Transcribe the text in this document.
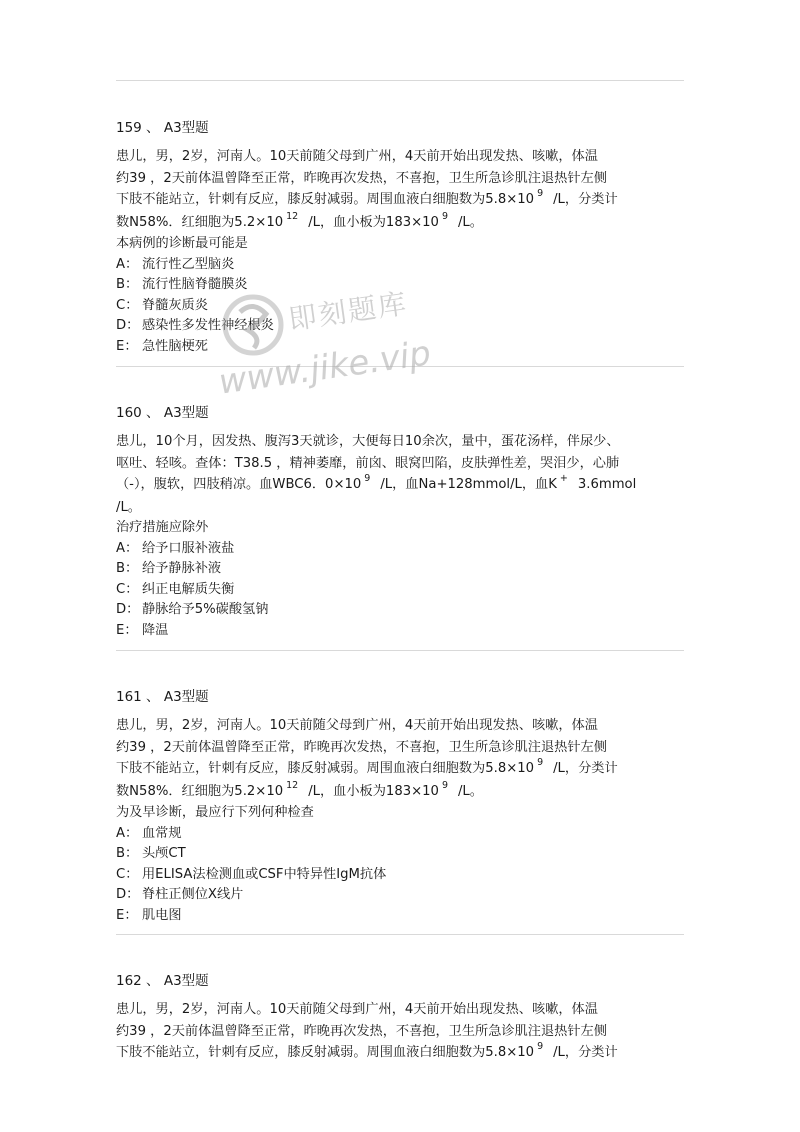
159 、 A3型题

患儿，男，2岁，河南人。10天前随父母到广州，4天前开始出现发热、咳嗽，体温
约39 ，2天前体温曾降至正常，昨晚再次发热，不喜抱，卫生所急诊肌注退热针左侧
下肢不能站立，针刺有反应，膝反射减弱。周围血液白细胞数为5.8×10 $^9$ /L，分类计
数N58%．红细胞为5.2×10 $^{12}$ /L，血小板为183×10 $^9$ /L。

本病例的诊断最可能是

A： 流行性乙型脑炎

B： 流行性脑脊髓膜炎

C： 脊髓灰质炎

D： 感染性多发性神经根炎

E： 急性脑梗死

160 、 A3型题

患儿，10个月，因发热、腹泻3天就诊，大便每日10余次，量中，蛋花汤样，伴尿少、
呕吐、轻咳。查体：T38.5 ，精神萎靡，前囟、眼窝凹陷，皮肤弹性差，哭泪少，心肺
（-），腹软，四肢稍凉。血WBC6．0×10 $^9$ /L，血Na+128mmol/L，血K + 3.6mmol
/L。

治疗措施应除外

A： 给予口服补液盐

B： 给予静脉补液

C： 纠正电解质失衡

D： 静脉给予5%碳酸氢钠

E： 降温

161 、 A3型题

患儿，男，2岁，河南人。10天前随父母到广州，4天前开始出现发热、咳嗽，体温
约39 ，2天前体温曾降至正常，昨晚再次发热，不喜抱，卫生所急诊肌注退热针左侧
下肢不能站立，针刺有反应，膝反射减弱。周围血液白细胞数为5.8×10 $^9$ /L，分类计
数N58%．红细胞为5.2×10 $^{12}$ /L，血小板为183×10 $^9$ /L。

为及早诊断，最应行下列何种检查

A： 血常规

B： 头颅CT

C： 用ELISA法检测血或CSF中特异性IgM抗体

D： 脊柱正侧位X线片

E： 肌电图

162 、 A3型题

患儿，男，2岁，河南人。10天前随父母到广州，4天前开始出现发热、咳嗽，体温
约39 ，2天前体温曾降至正常，昨晚再次发热，不喜抱，卫生所急诊肌注退热针左侧
下肢不能站立，针刺有反应，膝反射减弱。周围血液白细胞数为5.8×10 $^9$ /L，分类计
即刻题库
www.jike.vip
